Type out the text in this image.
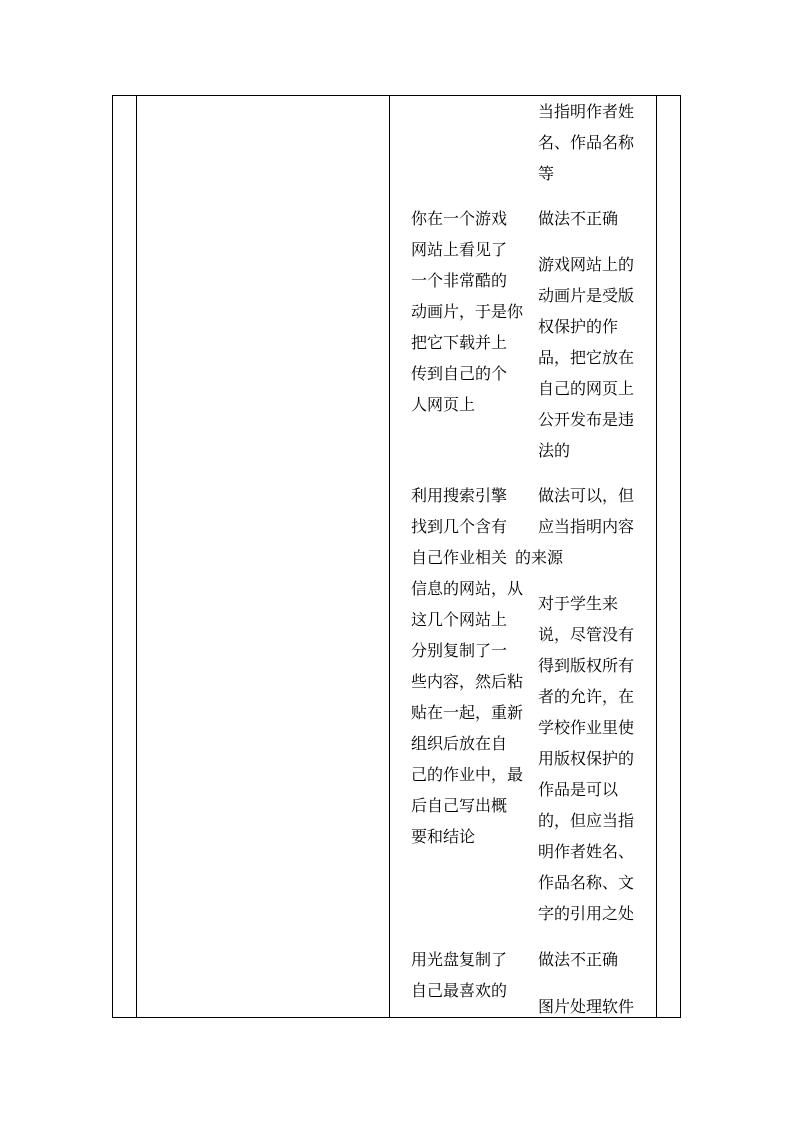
当指明作者姓
名、作品名称
等
你在一个游戏
网站上看见了
一个非常酷的
动画片，于是你
把它下载并上
传到自己的个
人网页上
做法不正确
游戏网站上的
动画片是受版
权保护的作
品，把它放在
自己的网页上
公开发布是违
法的
利用搜索引擎
找到几个含有
自己作业相关
信息的网站，从
这几个网站上
分别复制了一
些内容，然后粘
贴在一起，重新
组织后放在自
己的作业中，最
后自己写出概
要和结论
做法可以，但
应当指明内容
的来源
对于学生来
说，尽管没有
得到版权所有
者的允许，在
学校作业里使
用版权保护的
作品是可以
的，但应当指
明作者姓名、
作品名称、文
字的引用之处
用光盘复制了
自己最喜欢的
做法不正确
图片处理软件
